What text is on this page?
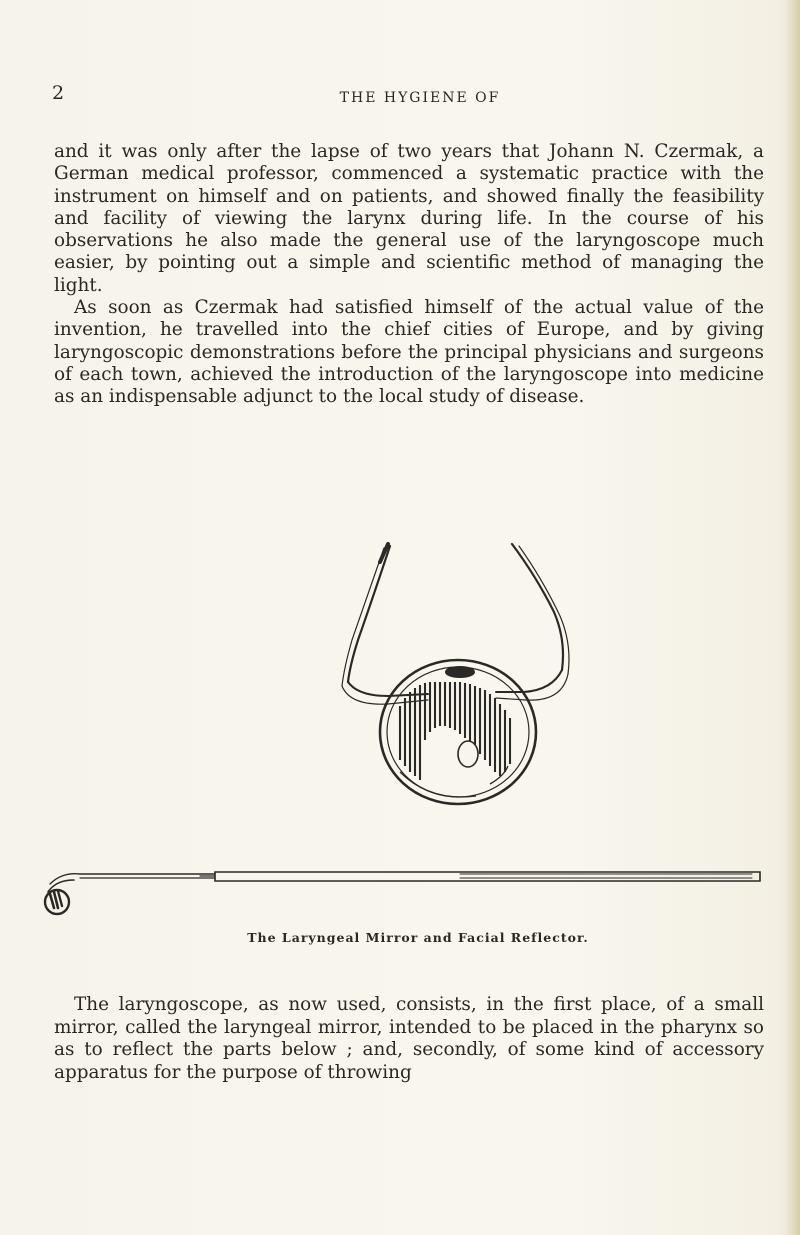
2	THE HYGIENE OF

and it was only after the lapse of two years that Johann N. Czermak, a German medical professor, commenced a systematic practice with the instrument on himself and on patients, and showed finally the feasibility and facility of viewing the larynx during life. In the course of his observations he also made the general use of the laryngoscope much easier, by pointing out a simple and scientific method of managing the light.

As soon as Czermak had satisfied himself of the actual value of the invention, he travelled into the chief cities of Europe, and by giving laryngoscopic demonstrations before the principal physicians and surgeons of each town, achieved the introduction of the laryngoscope into medicine as an indispensable adjunct to the local study of disease.

The Laryngeal Mirror and Facial Reflector.

The laryngoscope, as now used, consists, in the first place, of a small mirror, called the laryngeal mirror, intended to be placed in the pharynx so as to reflect the parts below ; and, secondly, of some kind of accessory apparatus for the purpose of throwing
